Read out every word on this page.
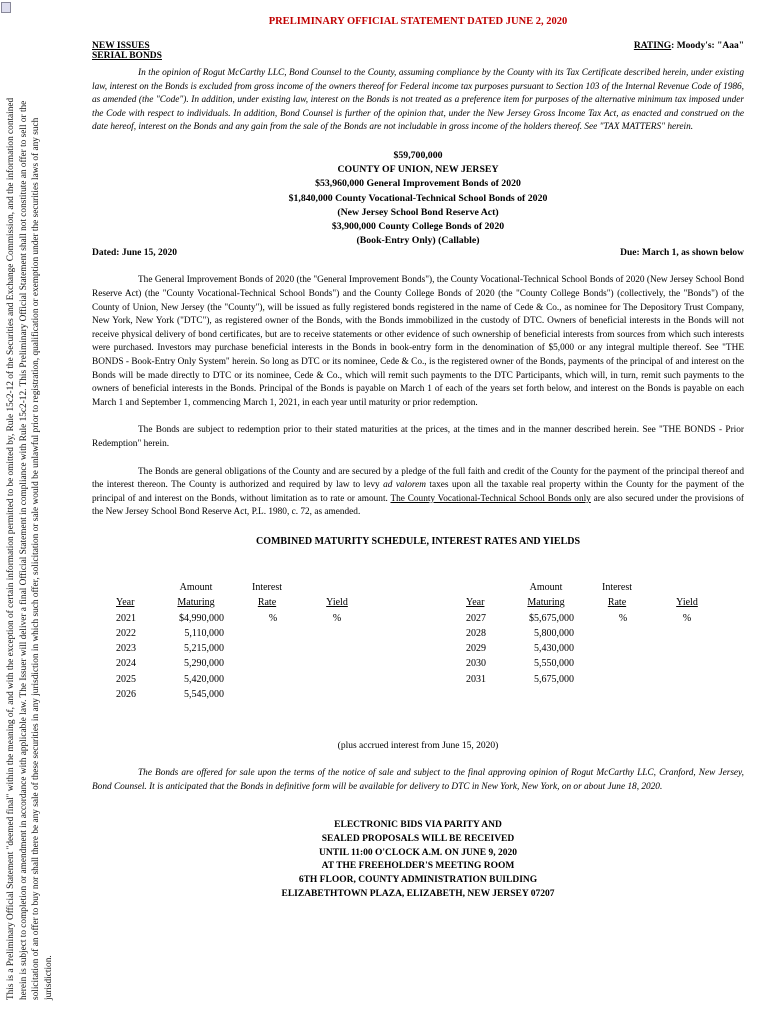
This is a Preliminary Official Statement "deemed final" within the meaning of, and with the exception of certain information permitted to be omitted by, Rule 15c2-12 of the Securities and Exchange Commission, and the information contained herein is subject to completion or amendment in accordance with applicable law. The Issuer will deliver a final Official Statement in compliance with Rule 15c2-12. This Preliminary Official Statement shall not constitute an offer to sell or the solicitation of an offer to buy nor shall there be any sale of these securities in any jurisdiction in which such offer, solicitation or sale would be unlawful prior to registration, qualification or exemption under the securities laws of any such jurisdiction.
PRELIMINARY OFFICIAL STATEMENT DATED JUNE 2, 2020
NEW ISSUES
SERIAL BONDS
RATING: Moody's: "Aaa"

In the opinion of Rogut McCarthy LLC, Bond Counsel to the County, assuming compliance by the County with its Tax Certificate described herein, under existing law, interest on the Bonds is excluded from gross income of the owners thereof for Federal income tax purposes pursuant to Section 103 of the Internal Revenue Code of 1986, as amended (the "Code"). In addition, under existing law, interest on the Bonds is not treated as a preference item for purposes of the alternative minimum tax imposed under the Code with respect to individuals. In addition, Bond Counsel is further of the opinion that, under the New Jersey Gross Income Tax Act, as enacted and construed on the date hereof, interest on the Bonds and any gain from the sale of the Bonds are not includable in gross income of the holders thereof. See "TAX MATTERS" herein.

$59,700,000
COUNTY OF UNION, NEW JERSEY
$53,960,000 General Improvement Bonds of 2020
$1,840,000 County Vocational-Technical School Bonds of 2020
(New Jersey School Bond Reserve Act)
$3,900,000 County College Bonds of 2020
(Book-Entry Only) (Callable)
Dated: June 15, 2020	Due: March 1, as shown below

The General Improvement Bonds of 2020 (the "General Improvement Bonds"), the County Vocational-Technical School Bonds of 2020 (New Jersey School Bond Reserve Act) (the "County Vocational-Technical School Bonds") and the County College Bonds of 2020 (the "County College Bonds") (collectively, the "Bonds") of the County of Union, New Jersey (the "County"), will be issued as fully registered bonds registered in the name of Cede & Co., as nominee for The Depository Trust Company, New York, New York ("DTC"), as registered owner of the Bonds, with the Bonds immobilized in the custody of DTC. Owners of beneficial interests in the Bonds will not receive physical delivery of bond certificates, but are to receive statements or other evidence of such ownership of beneficial interests from sources from which such interests were purchased. Investors may purchase beneficial interests in the Bonds in book-entry form in the denomination of $5,000 or any integral multiple thereof. See "THE BONDS - Book-Entry Only System" herein. So long as DTC or its nominee, Cede & Co., is the registered owner of the Bonds, payments of the principal of and interest on the Bonds will be made directly to DTC or its nominee, Cede & Co., which will remit such payments to the DTC Participants, which will, in turn, remit such payments to the owners of beneficial interests in the Bonds. Principal of the Bonds is payable on March 1 of each of the years set forth below, and interest on the Bonds is payable on each March 1 and September 1, commencing March 1, 2021, in each year until maturity or prior redemption.

The Bonds are subject to redemption prior to their stated maturities at the prices, at the times and in the manner described herein. See "THE BONDS - Prior Redemption" herein.

The Bonds are general obligations of the County and are secured by a pledge of the full faith and credit of the County for the payment of the principal thereof and the interest thereon. The County is authorized and required by law to levy ad valorem taxes upon all the taxable real property within the County for the payment of the principal of and interest on the Bonds, without limitation as to rate or amount. The County Vocational-Technical School Bonds only are also secured under the provisions of the New Jersey School Bond Reserve Act, P.L. 1980, c. 72, as amended.

COMBINED MATURITY SCHEDULE, INTEREST RATES AND YIELDS
	Amount	Interest	
Year	Maturing	Rate	Yield
2021	$4,990,000	%	%
2022	5,110,000		
2023	5,215,000		
2024	5,290,000		
2025	5,420,000		
2026	5,545,000		
	Amount	Interest	
Year	Maturing	Rate	Yield
2027	$5,675,000	%	%
2028	5,800,000		
2029	5,430,000		
2030	5,550,000		
2031	5,675,000		
(plus accrued interest from June 15, 2020)
The Bonds are offered for sale upon the terms of the notice of sale and subject to the final approving opinion of Rogut McCarthy LLC, Cranford, New Jersey, Bond Counsel. It is anticipated that the Bonds in definitive form will be available for delivery to DTC in New York, New York, on or about June 18, 2020.
ELECTRONIC BIDS VIA PARITY AND
SEALED PROPOSALS WILL BE RECEIVED
UNTIL 11:00 O'CLOCK A.M. ON JUNE 9, 2020
AT THE FREEHOLDER'S MEETING ROOM
6TH FLOOR, COUNTY ADMINISTRATION BUILDING
ELIZABETHTOWN PLAZA, ELIZABETH, NEW JERSEY 07207
